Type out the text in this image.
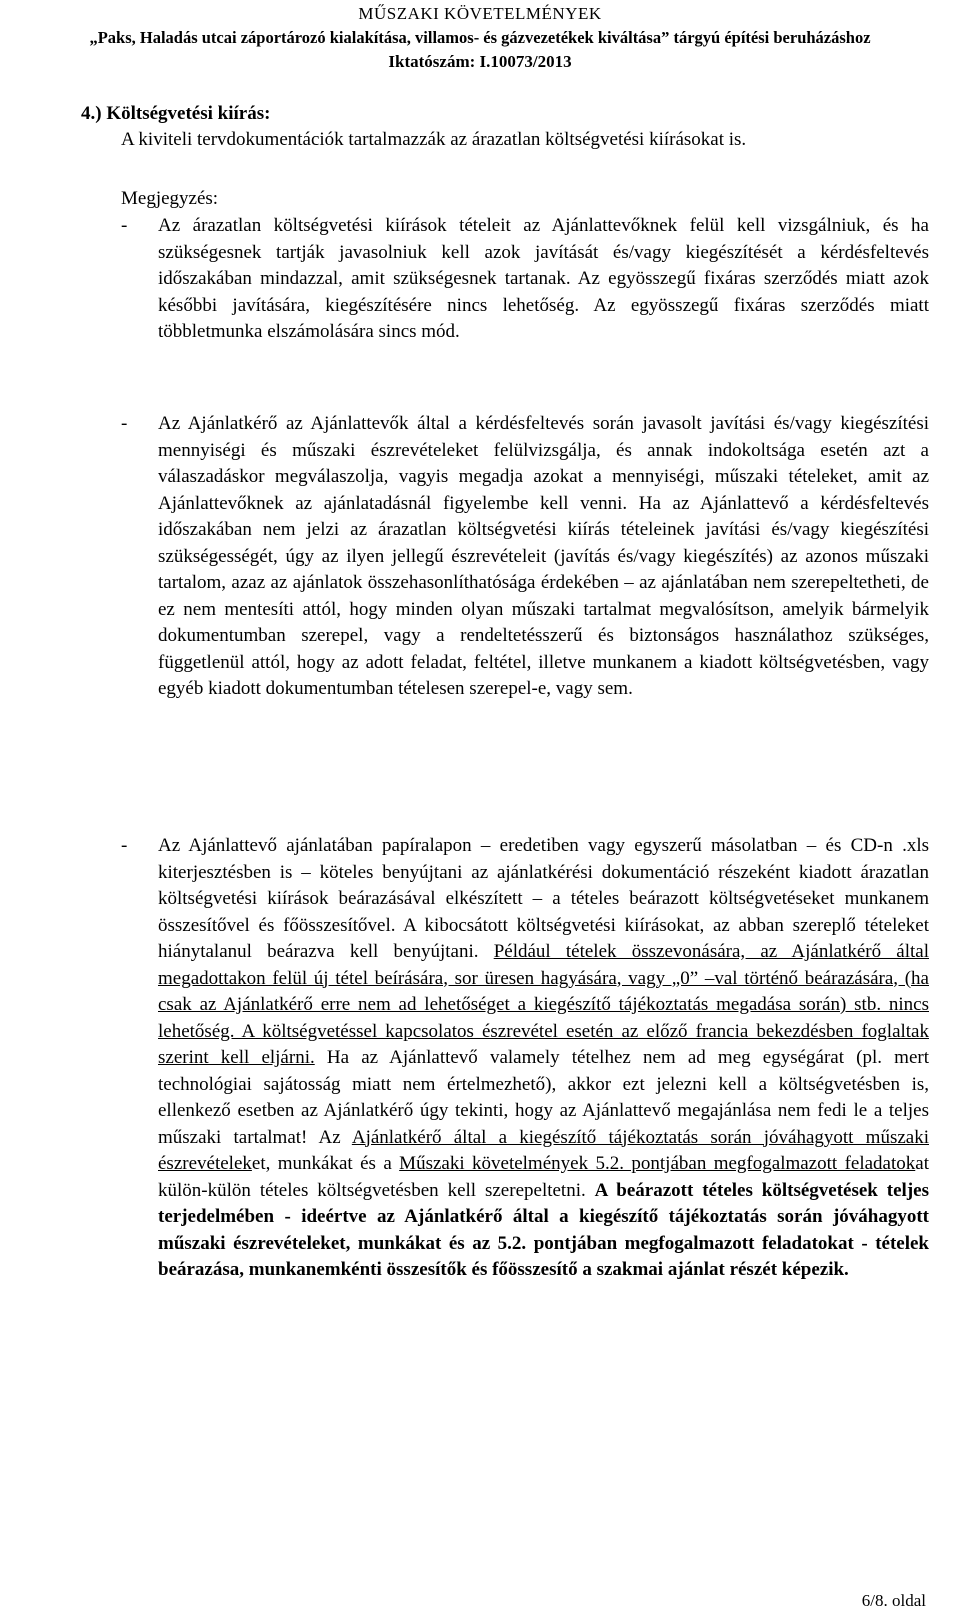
MŰSZAKI KÖVETELMÉNYEK
„Paks, Haladás utcai záportározó kialakítása, villamos- és gázvezetékek kiváltása” tárgyú építési beruházáshoz
Iktatószám: I.10073/2013
4.) Költségvetési kiírás:
A kiviteli tervdokumentációk tartalmazzák az árazatlan költségvetési kiírásokat is.
Megjegyzés:
- Az árazatlan költségvetési kiírások tételeit az Ajánlattevőknek felül kell vizsgálniuk, és ha szükségesnek tartják javasolniuk kell azok javítását és/vagy kiegészítését a kérdésfeltevés időszakában mindazzal, amit szükségesnek tartanak. Az egyösszegű fixáras szerződés miatt azok későbbi javítására, kiegészítésére nincs lehetőség. Az egyösszegű fixáras szerződés miatt többletmunka elszámolására sincs mód.

- Az Ajánlatkérő az Ajánlattevők által a kérdésfeltevés során javasolt javítási és/vagy kiegészítési mennyiségi és műszaki észrevételeket felülvizsgálja, és annak indokoltsága esetén azt a válaszadáskor megválaszolja, vagyis megadja azokat a mennyiségi, műszaki tételeket, amit az Ajánlattevőknek az ajánlatadásnál figyelembe kell venni. Ha az Ajánlattevő a kérdésfeltevés időszakában nem jelzi az árazatlan költségvetési kiírás tételeinek javítási és/vagy kiegészítési szükségességét, úgy az ilyen jellegű észrevételeit (javítás és/vagy kiegészítés) az azonos műszaki tartalom, azaz az ajánlatok összehasonlíthatósága érdekében – az ajánlatában nem szerepeltetheti, de ez nem mentesíti attól, hogy minden olyan műszaki tartalmat megvalósítson, amelyik bármelyik dokumentumban szerepel, vagy a rendeltetésszerű és biztonságos használathoz szükséges, függetlenül attól, hogy az adott feladat, feltétel, illetve munkanem a kiadott költségvetésben, vagy egyéb kiadott dokumentumban tételesen szerepel-e, vagy sem.

- Az Ajánlattevő ajánlatában papíralapon – eredetiben vagy egyszerű másolatban – és CD-n .xls kiterjesztésben is – köteles benyújtani az ajánlatkérési dokumentáció részeként kiadott árazatlan költségvetési kiírások beárazásával elkészített – a tételes beárazott költségvetéseket munkanem összesítővel és főösszesítővel. A kibocsátott költségvetési kiírásokat, az abban szereplő tételeket hiánytalanul beárazva kell benyújtani. Például tételek összevonására, az Ajánlatkérő által megadottakon felül új tétel beírására, sor üresen hagyására, vagy „0” –val történő beárazására, (ha csak az Ajánlatkérő erre nem ad lehetőséget a kiegészítő tájékoztatás megadása során) stb. nincs lehetőség. A költségvetéssel kapcsolatos észrevétel esetén az előző francia bekezdésben foglaltak szerint kell eljárni. Ha az Ajánlattevő valamely tételhez nem ad meg egységárat (pl. mert technológiai sajátosság miatt nem értelmezhető), akkor ezt jelezni kell a költségvetésben is, ellenkező esetben az Ajánlatkérő úgy tekinti, hogy az Ajánlattevő megajánlása nem fedi le a teljes műszaki tartalmat! Az Ajánlatkérő által a kiegészítő tájékoztatás során jóváhagyott műszaki észrevételeket, munkákat és a Műszaki követelmények 5.2. pontjában megfogalmazott feladatokat külön-külön tételes költségvetésben kell szerepeltetni. A beárazott tételes költségvetések teljes terjedelmében - ideértve az Ajánlatkérő által a kiegészítő tájékoztatás során jóváhagyott műszaki észrevételeket, munkákat és az 5.2. pontjában megfogalmazott feladatokat - tételek beárazása, munkanemkénti összesítők és főösszesítő a szakmai ajánlat részét képezik.

6/8. oldal
